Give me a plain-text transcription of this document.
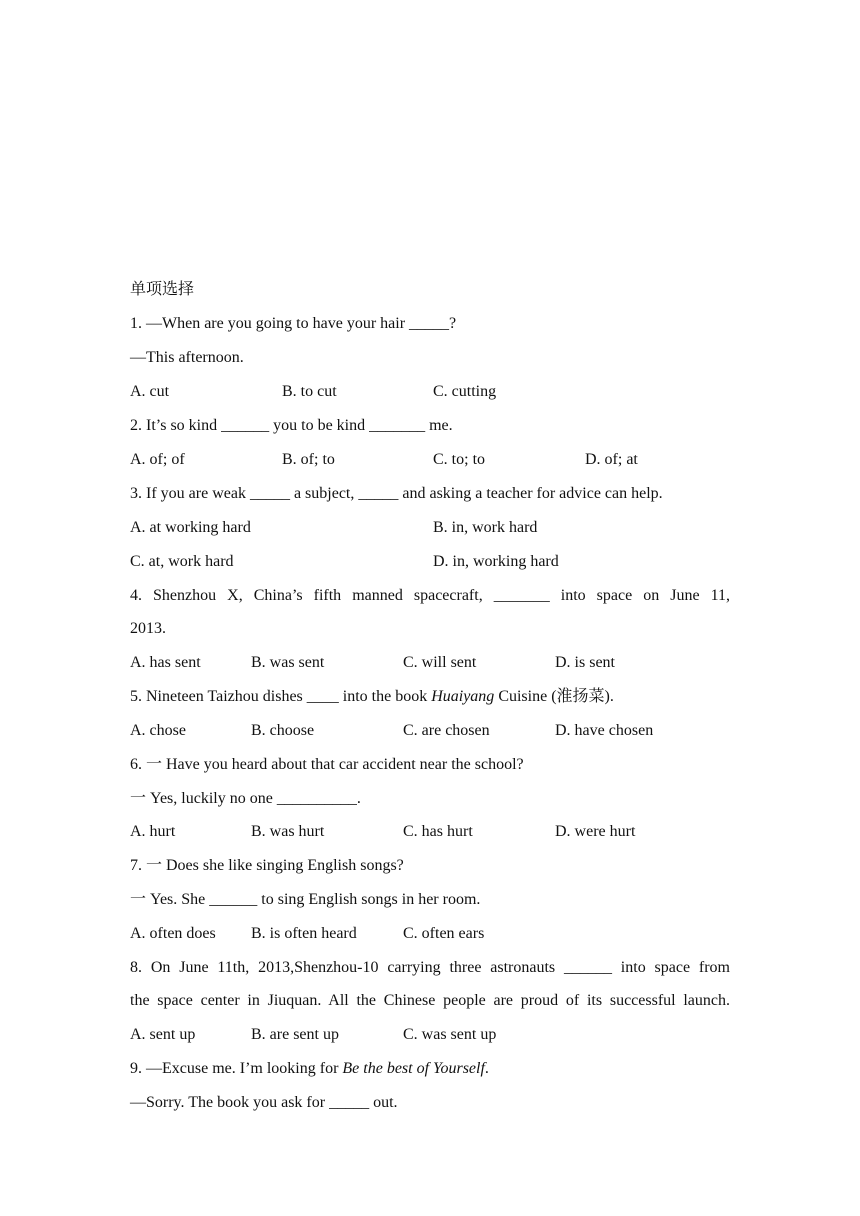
单项选择
1. —When are you going to have your hair _____?
—This afternoon.
A. cut	B. to cut	C. cutting
2. It’s so kind ______ you to be kind _______ me.
A. of; of	B. of; to	C. to; to	D. of; at
3. If you are weak _____ a subject, _____ and asking a teacher for advice can help.
A. at working hard	B. in, work hard
C. at, work hard	D. in, working hard
4. Shenzhou X, China’s fifth manned spacecraft, _______ into space on June 11,
2013.
A. has sent	B. was sent	C. will sent	D. is sent
5. Nineteen Taizhou dishes ____ into the book Huaiyang Cuisine (淮扬菜).
A. chose	B. choose	C. are chosen	D. have chosen
6. 一 Have you heard about that car accident near the school?
一 Yes, luckily no one __________.
A. hurt	B. was hurt	C. has hurt	D. were hurt
7. 一 Does she like singing English songs?
一 Yes. She ______ to sing English songs in her room.
A. often does B. is often heard	C. often ears
8. On June 11th, 2013,Shenzhou-10 carrying three astronauts ______ into space from
the space center in Jiuquan. All the Chinese people are proud of its successful launch.
A. sent up	B. are sent up	C. was sent up
9. —Excuse me. I’m looking for Be the best of Yourself.
—Sorry. The book you ask for _____ out.
